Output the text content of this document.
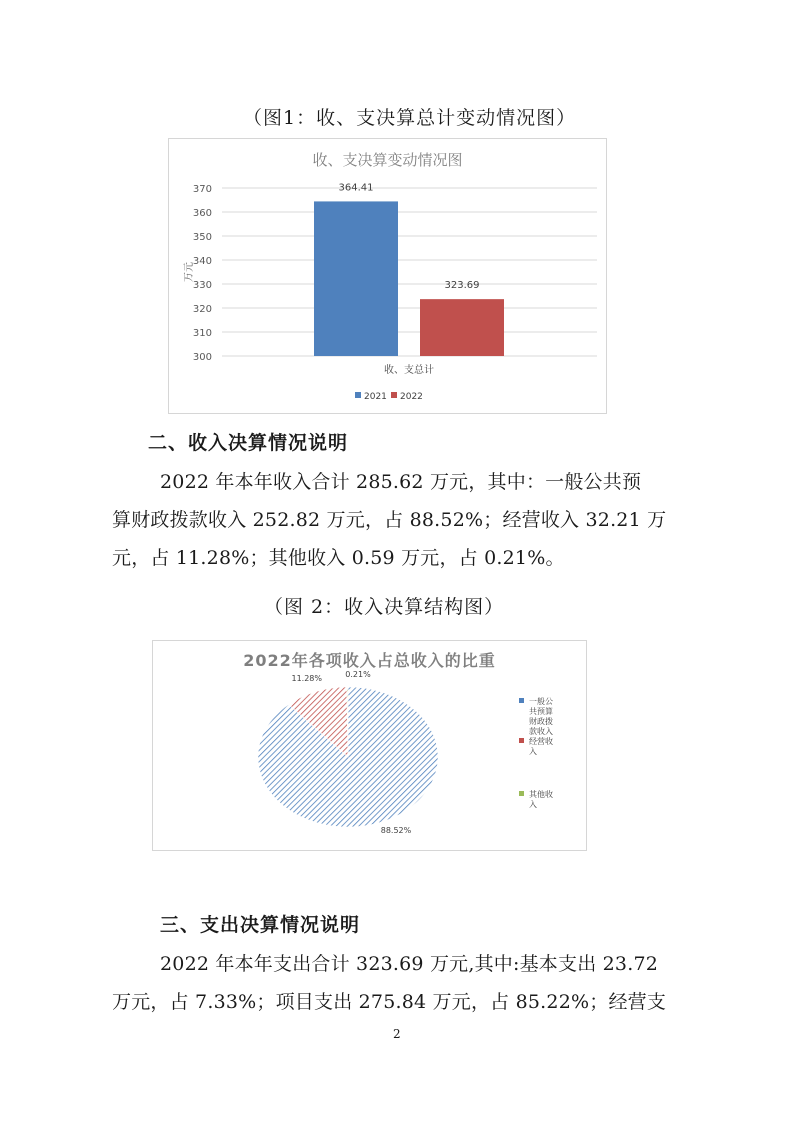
（图1：收、支决算总计变动情况图）
收、支决算变动情况图
300
310
320
330
340
350
360
370
万元
364.41
323.69
收、支总计
2021 2022
二、收入决算情况说明
2022 年本年收入合计 285.62 万元，其中：一般公共预
算财政拨款收入 252.82 万元，占 88.52%；经营收入 32.21 万
元，占 11.28%；其他收入 0.59 万元，占 0.21%。
（图 2：收入决算结构图）
2022年各项收入占总收入的比重
88.52%
11.28%	0.21%
一般公
共预算
财政拨
款收入
经营收
入
其他收
入
三、支出决算情况说明
2022 年本年支出合计 323.69 万元,其中:基本支出 23.72
万元，占 7.33%；项目支出 275.84 万元，占 85.22%；经营支
2
